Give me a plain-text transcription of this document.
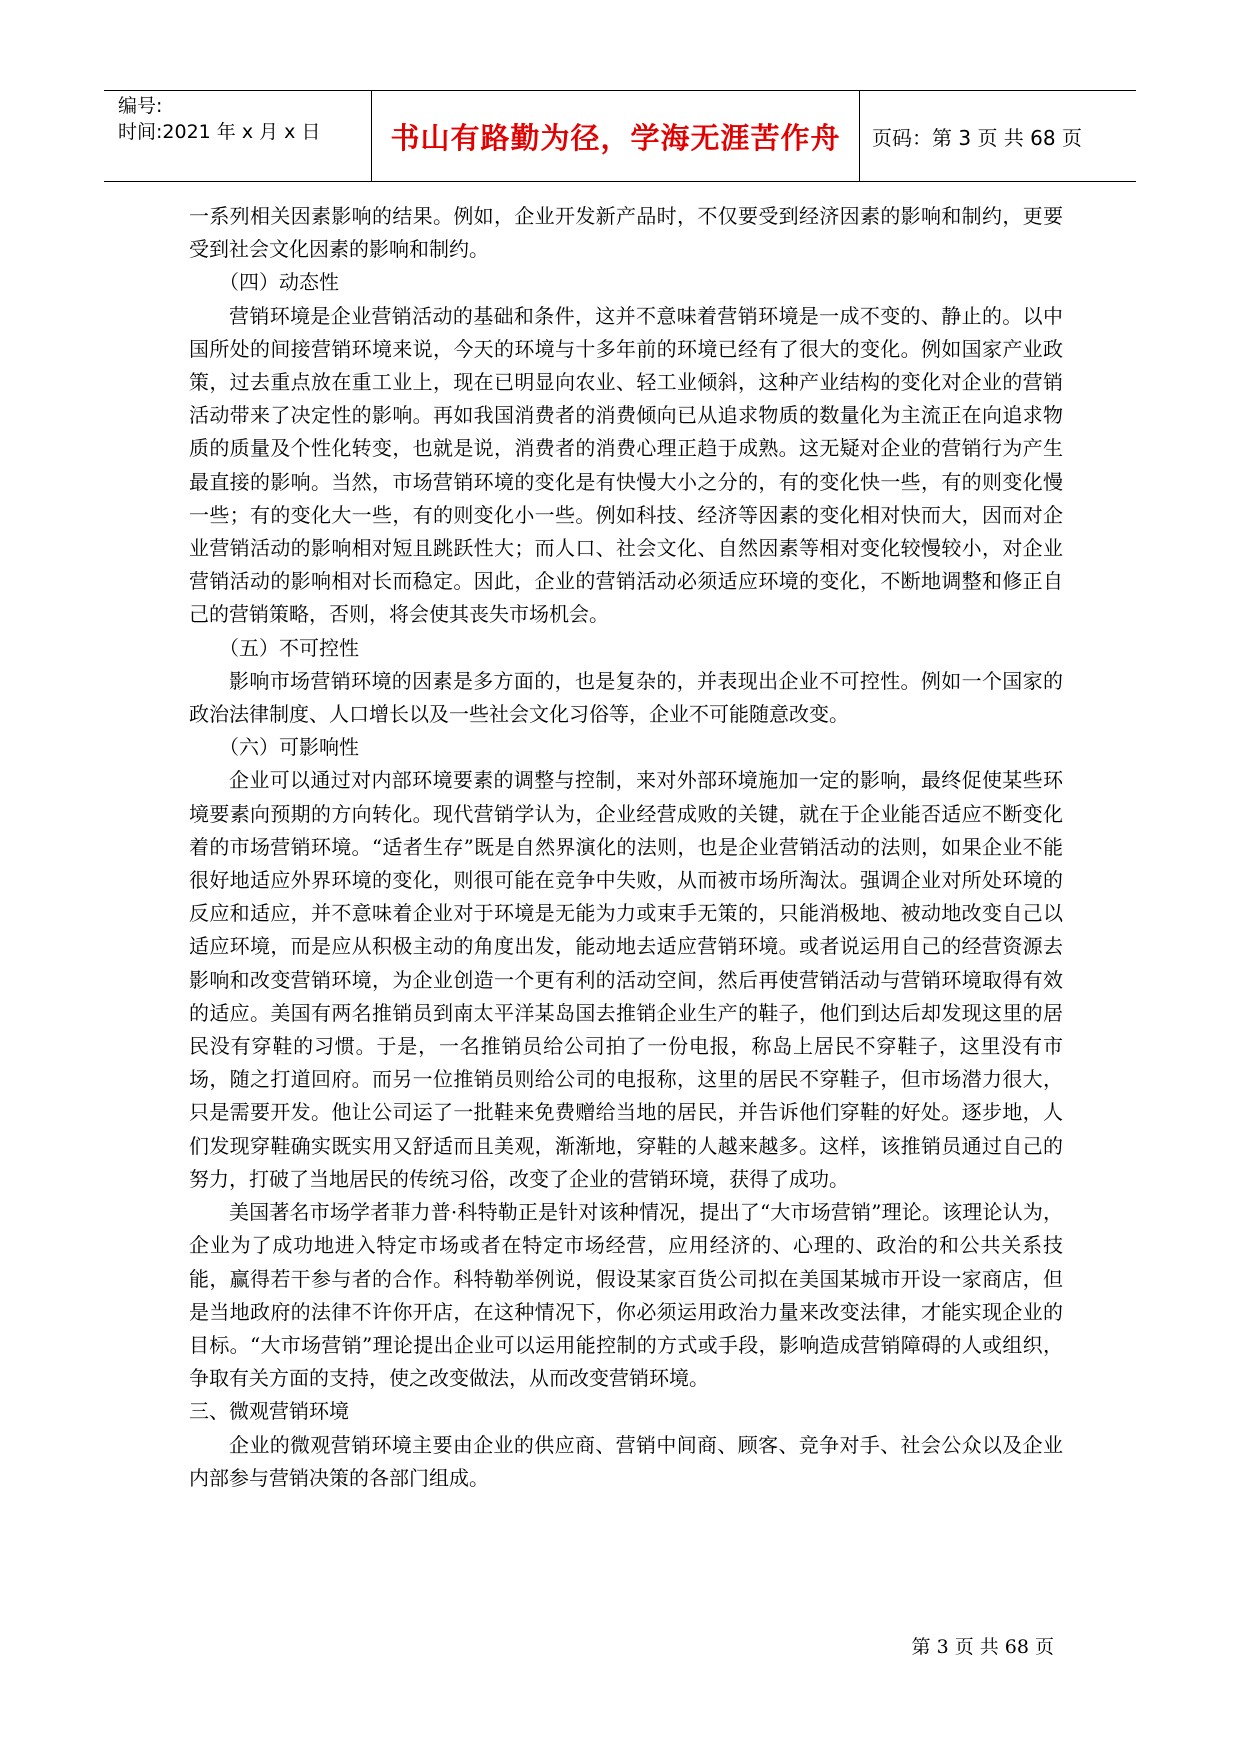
编号:
时间:2021 年 x 月 x 日	书山有路勤为径，学海无涯苦作舟	页码：第 3 页 共 68 页

一系列相关因素影响的结果。例如，企业开发新产品时，不仅要受到经济因素的影响和制约，更要受到社会文化因素的影响和制约。

（四）动态性

营销环境是企业营销活动的基础和条件，这并不意味着营销环境是一成不变的、静止的。以中国所处的间接营销环境来说，今天的环境与十多年前的环境已经有了很大的变化。例如国家产业政策，过去重点放在重工业上，现在已明显向农业、轻工业倾斜，这种产业结构的变化对企业的营销活动带来了决定性的影响。再如我国消费者的消费倾向已从追求物质的数量化为主流正在向追求物质的质量及个性化转变，也就是说，消费者的消费心理正趋于成熟。这无疑对企业的营销行为产生最直接的影响。当然，市场营销环境的变化是有快慢大小之分的，有的变化快一些，有的则变化慢一些；有的变化大一些，有的则变化小一些。例如科技、经济等因素的变化相对快而大，因而对企业营销活动的影响相对短且跳跃性大；而人口、社会文化、自然因素等相对变化较慢较小，对企业营销活动的影响相对长而稳定。因此，企业的营销活动必须适应环境的变化，不断地调整和修正自己的营销策略，否则，将会使其丧失市场机会。

（五）不可控性

影响市场营销环境的因素是多方面的，也是复杂的，并表现出企业不可控性。例如一个国家的政治法律制度、人口增长以及一些社会文化习俗等，企业不可能随意改变。

（六）可影响性

企业可以通过对内部环境要素的调整与控制，来对外部环境施加一定的影响，最终促使某些环境要素向预期的方向转化。现代营销学认为，企业经营成败的关键，就在于企业能否适应不断变化着的市场营销环境。“适者生存”既是自然界演化的法则，也是企业营销活动的法则，如果企业不能很好地适应外界环境的变化，则很可能在竞争中失败，从而被市场所淘汰。强调企业对所处环境的反应和适应，并不意味着企业对于环境是无能为力或束手无策的，只能消极地、被动地改变自己以适应环境，而是应从积极主动的角度出发，能动地去适应营销环境。或者说运用自己的经营资源去影响和改变营销环境，为企业创造一个更有利的活动空间，然后再使营销活动与营销环境取得有效的适应。美国有两名推销员到南太平洋某岛国去推销企业生产的鞋子，他们到达后却发现这里的居民没有穿鞋的习惯。于是，一名推销员给公司拍了一份电报，称岛上居民不穿鞋子，这里没有市场，随之打道回府。而另一位推销员则给公司的电报称，这里的居民不穿鞋子，但市场潜力很大，只是需要开发。他让公司运了一批鞋来免费赠给当地的居民，并告诉他们穿鞋的好处。逐步地，人们发现穿鞋确实既实用又舒适而且美观，渐渐地，穿鞋的人越来越多。这样，该推销员通过自己的努力，打破了当地居民的传统习俗，改变了企业的营销环境，获得了成功。

美国著名市场学者菲力普·科特勒正是针对该种情况，提出了“大市场营销”理论。该理论认为，企业为了成功地进入特定市场或者在特定市场经营，应用经济的、心理的、政治的和公共关系技能，赢得若干参与者的合作。科特勒举例说，假设某家百货公司拟在美国某城市开设一家商店，但是当地政府的法律不许你开店，在这种情况下，你必须运用政治力量来改变法律，才能实现企业的目标。“大市场营销”理论提出企业可以运用能控制的方式或手段，影响造成营销障碍的人或组织，争取有关方面的支持，使之改变做法，从而改变营销环境。

三、微观营销环境

企业的微观营销环境主要由企业的供应商、营销中间商、顾客、竞争对手、社会公众以及企业内部参与营销决策的各部门组成。

第 3 页 共 68 页
